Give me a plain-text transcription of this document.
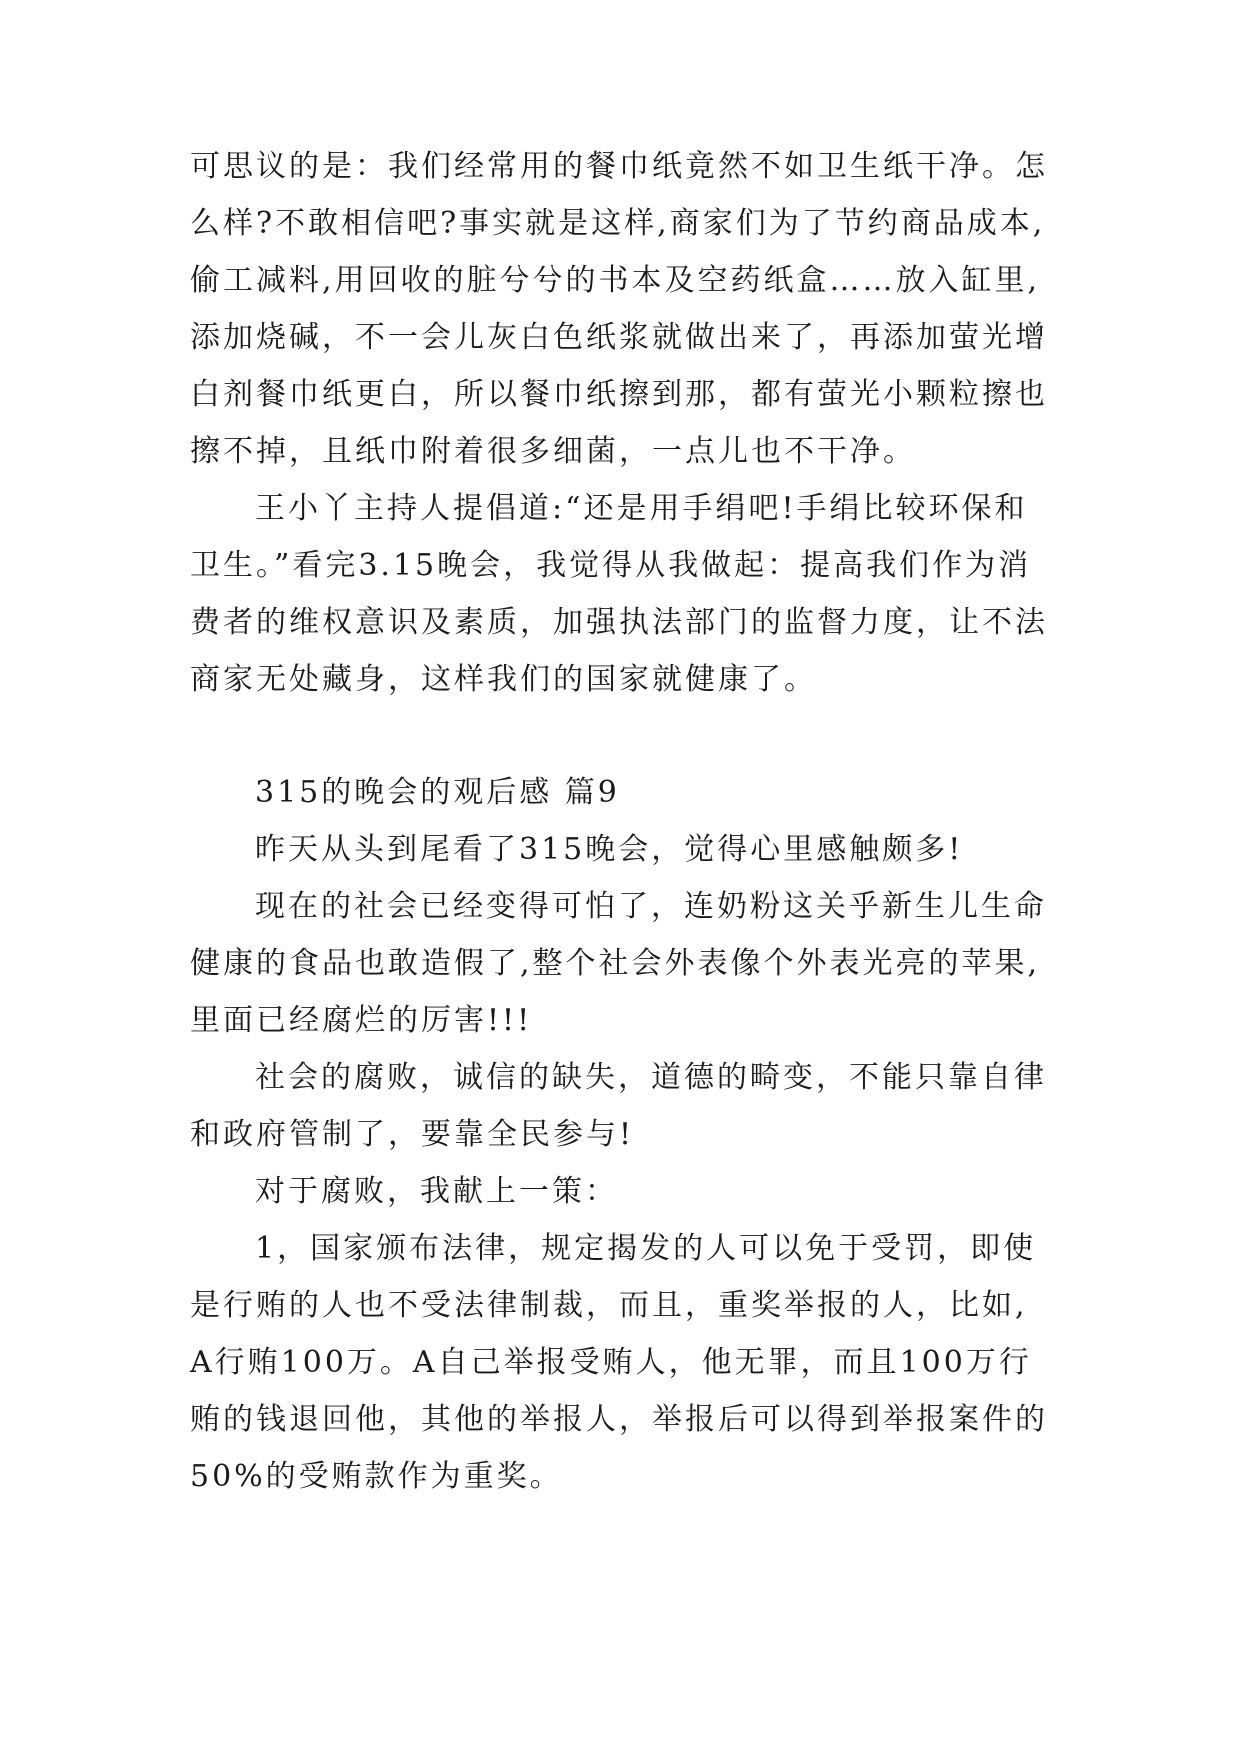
可思议的是：我们经常用的餐巾纸竟然不如卫生纸干净。怎
么样?不敢相信吧?事实就是这样,商家们为了节约商品成本,
偷工减料,用回收的脏兮兮的书本及空药纸盒……放入缸里,
添加烧碱，不一会儿灰白色纸浆就做出来了，再添加萤光增
白剂餐巾纸更白，所以餐巾纸擦到那，都有萤光小颗粒擦也
擦不掉，且纸巾附着很多细菌，一点儿也不干净。
王小丫主持人提倡道:“还是用手绢吧!手绢比较环保和
卫生。”看完3.15晚会，我觉得从我做起：提高我们作为消
费者的维权意识及素质，加强执法部门的监督力度，让不法
商家无处藏身，这样我们的国家就健康了。
315的晚会的观后感 篇9
昨天从头到尾看了315晚会，觉得心里感触颇多!
现在的社会已经变得可怕了，连奶粉这关乎新生儿生命
健康的食品也敢造假了,整个社会外表像个外表光亮的苹果,
里面已经腐烂的厉害!!!
社会的腐败，诚信的缺失，道德的畸变，不能只靠自律
和政府管制了，要靠全民参与!
对于腐败，我献上一策：
1，国家颁布法律，规定揭发的人可以免于受罚，即使
是行贿的人也不受法律制裁，而且，重奖举报的人，比如,
A行贿100万。A自己举报受贿人，他无罪，而且100万行
贿的钱退回他，其他的举报人，举报后可以得到举报案件的
50%的受贿款作为重奖。
